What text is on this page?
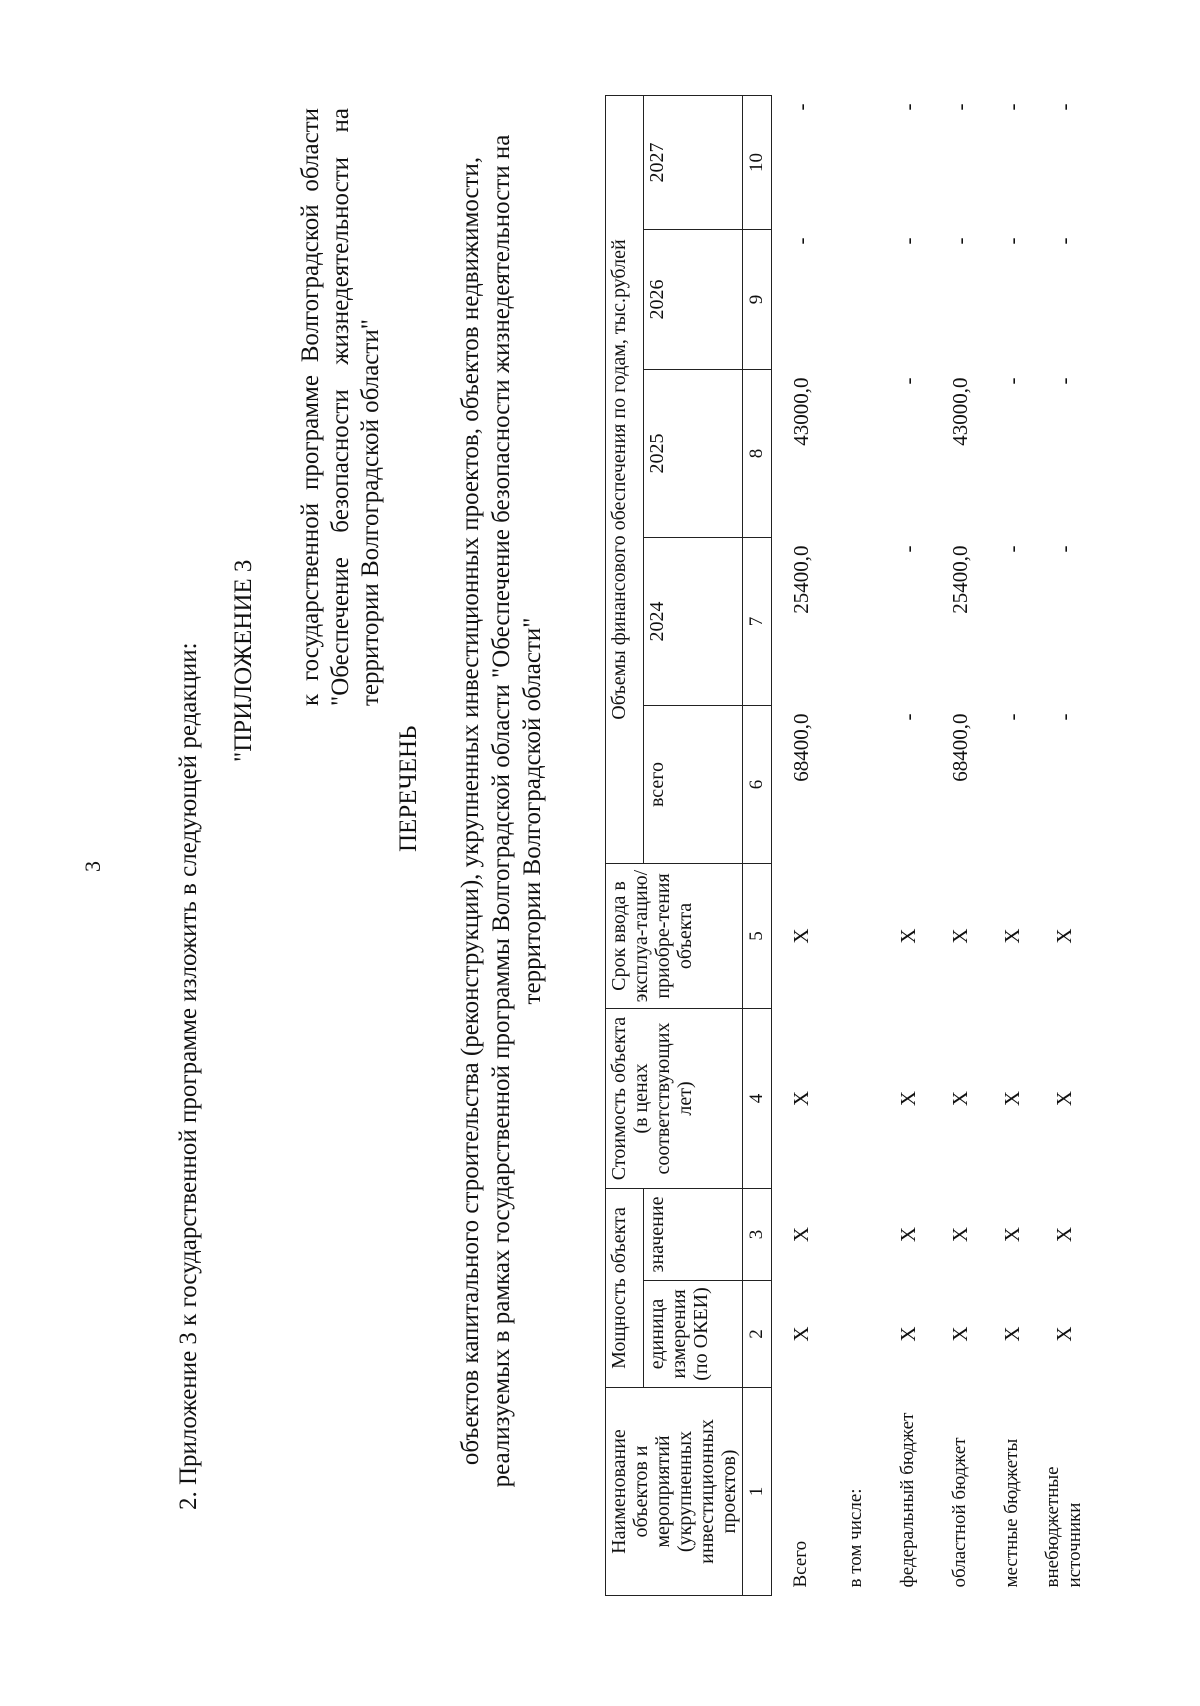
3	2. Приложение 3 к государственной программе изложить в следующей редакции: "ПРИЛОЖЕНИЕ 3 к государственной программе Волгоградской области "Обеспечение безопасности жизнедеятельности на территории Волгоградской области"
ПЕРЕЧЕНЬ объектов капитального строительства (реконструкции), укрупненных инвестиционных проектов, объектов недвижимости, реализуемых в рамках государственной программы Волгоградской области "Обеспечение безопасности жизнедеятельности на территории Волгоградской области"
Наименование объектов и мероприятий (укрупненных инвестиционных проектов)	Мощность объекта		Стоимость объекта (в ценах соответствующих лет)	Срок ввода в эксплуа-тацию/ приобре-тения объекта	Объемы финансового обеспечения по годам, тыс.рублей				
	единица измерения (по ОКЕИ)	значение			всего	2024	2025	2026	2027
1	2	3	4	5	6	7	8	9	10
Всего	X	X	X	X	68400,0	25400,0	43000,0	-	-
в том числе:									
федеральный бюджет	X	X	X	X	-	-	-	-	-
областной бюджет	X	X	X	X	68400,0	25400,0	43000,0	-	-
местные бюджеты	X	X	X	X	-	-	-	-	-
внебюджетные источники	X	X	X	X	-	-	-	-	-
